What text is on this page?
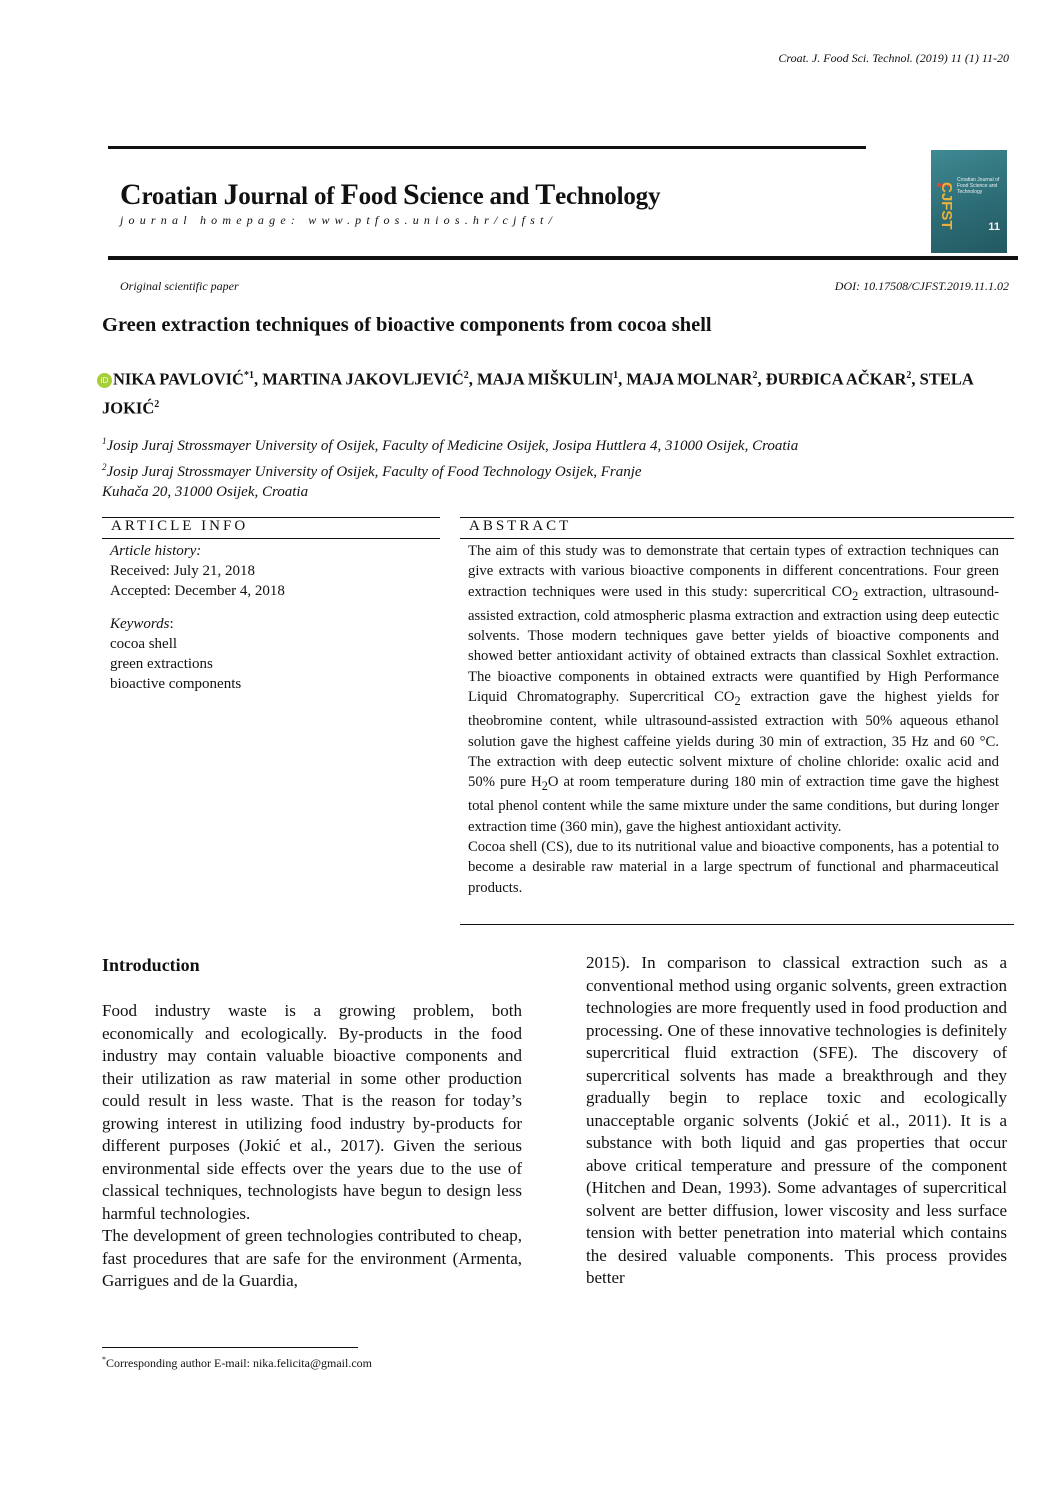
Croat. J. Food Sci. Technol. (2019) 11 (1) 11-20
Croatian Journal of Food Science and Technology
journal homepage: www.ptfos.unios.hr/cjfst/	CJFST
Croatian Journal of Food Science and Technology
11
Original scientific paper	DOI: 10.17508/CJFST.2019.11.1.02
Green extraction techniques of bioactive components from cocoa shell
iD NIKA PAVLOVIĆ$^{*1}$, MARTINA JAKOVLJEVIĆ$^2$, MAJA MIŠKULIN$^1$, MAJA MOLNAR$^2$, ĐURĐICA AČKAR$^2$, STELA JOKIĆ$^2$
$^1$Josip Juraj Strossmayer University of Osijek, Faculty of Medicine Osijek, Josipa Huttlera 4, 31000 Osijek, Croatia
$^2$Josip Juraj Strossmayer University of Osijek, Faculty of Food Technology Osijek, Franje
Kuhača 20, 31000 Osijek, Croatia
ARTICLE INFO	ABSTRACT
Article history:
Received: July 21, 2018
Accepted: December 4, 2018
Keywords:
cocoa shell
green extractions
bioactive components

The aim of this study was to demonstrate that certain types of extraction techniques can give extracts with various bioactive components in different concentrations. Four green extraction techniques were used in this study: supercritical $CO_2$ extraction, ultrasound-assisted extraction, cold atmospheric plasma extraction and extraction using deep eutectic solvents. Those modern techniques gave better yields of bioactive components and showed better antioxidant activity of obtained extracts than classical Soxhlet extraction. The bioactive components in obtained extracts were quantified by High Performance Liquid Chromatography. Supercritical $CO_2$ extraction gave the highest yields for theobromine content, while ultrasound-assisted extraction with 50% aqueous ethanol solution gave the highest caffeine yields during 30 min of extraction, 35 Hz and 60 °C. The extraction with deep eutectic solvent mixture of choline chloride: oxalic acid and 50% pure $H_2O$ at room temperature during 180 min of extraction time gave the highest total phenol content while the same mixture under the same conditions, but during longer extraction time (360 min), gave the highest antioxidant activity.

Cocoa shell (CS), due to its nutritional value and bioactive components, has a potential to become a desirable raw material in a large spectrum of functional and pharmaceutical products.

Introduction

Food industry waste is a growing problem, both economically and ecologically. By-products in the food industry may contain valuable bioactive components and their utilization as raw material in some other production could result in less waste. That is the reason for today’s growing interest in utilizing food industry by-products for different purposes (Jokić et al., 2017). Given the serious environmental side effects over the years due to the use of classical techniques, technologists have begun to design less harmful technologies.

The development of green technologies contributed to cheap, fast procedures that are safe for the environment (Armenta, Garrigues and de la Guardia,

2015). In comparison to classical extraction such as a conventional method using organic solvents, green extraction technologies are more frequently used in food production and processing. One of these innovative technologies is definitely supercritical fluid extraction (SFE). The discovery of supercritical solvents has made a breakthrough and they gradually begin to replace toxic and ecologically unacceptable organic solvents (Jokić et al., 2011). It is a substance with both liquid and gas properties that occur above critical temperature and pressure of the component (Hitchen and Dean, 1993). Some advantages of supercritical solvent are better diffusion, lower viscosity and less surface tension with better penetration into material which contains the desired valuable components. This process provides better

*Corresponding author E-mail: nika.felicita@gmail.com
